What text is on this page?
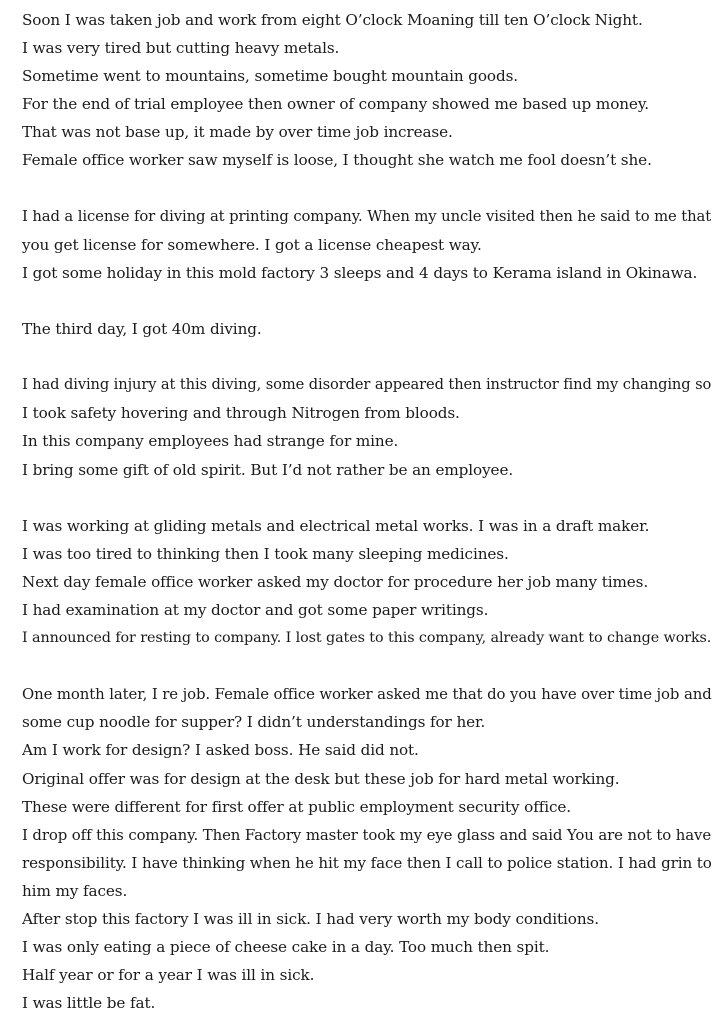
Soon I was taken job and work from eight O’clock Moaning till ten O’clock Night.
I was very tired but cutting heavy metals.
Sometime went to mountains, sometime bought mountain goods.
For the end of trial employee then owner of company showed me based up money.
That was not base up, it made by over time job increase.
Female office worker saw myself is loose, I thought she watch me fool doesn’t she.
I had a license for diving at printing company. When my uncle visited then he said to me that
you get license for somewhere. I got a license cheapest way.
I got some holiday in this mold factory 3 sleeps and 4 days to Kerama island in Okinawa.
The third day, I got 40m diving.
I had diving injury at this diving, some disorder appeared then instructor find my changing so
I took safety hovering and through Nitrogen from bloods.
In this company employees had strange for mine.
I bring some gift of old spirit. But I’d not rather be an employee.
I was working at gliding metals and electrical metal works. I was in a draft maker.
I was too tired to thinking then I took many sleeping medicines.
Next day female office worker asked my doctor for procedure her job many times.
I had examination at my doctor and got some paper writings.
I announced for resting to company. I lost gates to this company, already want to change works.
One month later, I re job. Female office worker asked me that do you have over time job and
some cup noodle for supper? I didn’t understandings for her.
Am I work for design? I asked boss. He said did not.
Original offer was for design at the desk but these job for hard metal working.
These were different for first offer at public employment security office.
I drop off this company. Then Factory master took my eye glass and said You are not to have
responsibility. I have thinking when he hit my face then I call to police station. I had grin to
him my faces.
After stop this factory I was ill in sick. I had very worth my body conditions.
I was only eating a piece of cheese cake in a day. Too much then spit.
Half year or for a year I was ill in sick.
I was little be fat.
